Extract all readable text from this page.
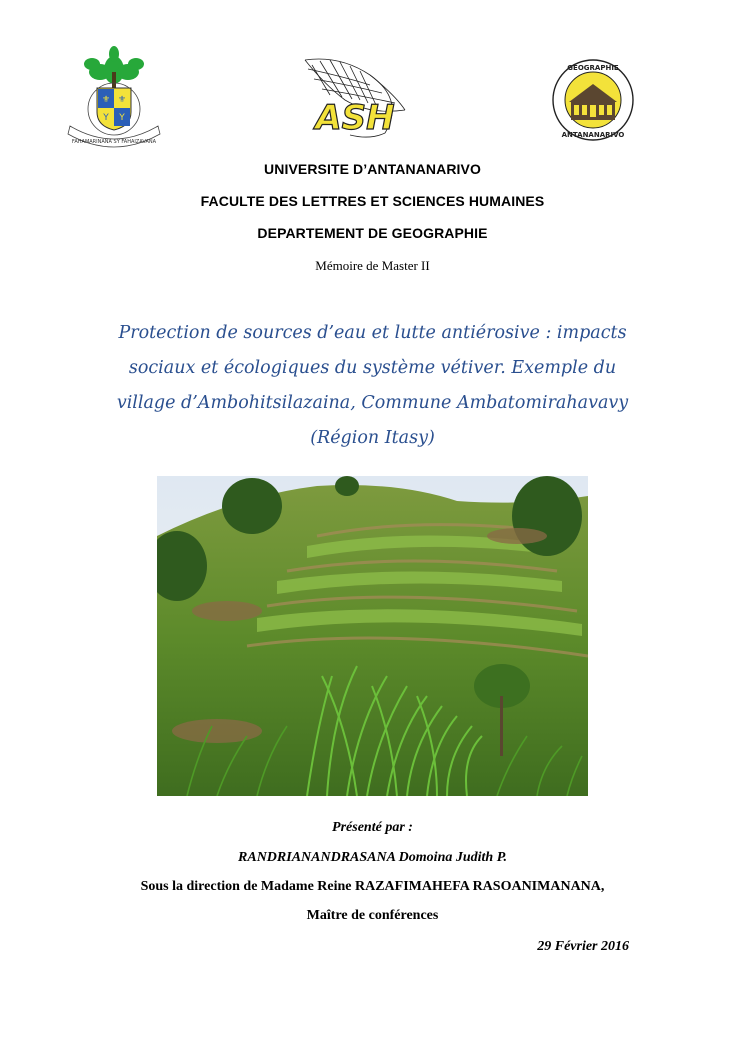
⚜ ⚜
Y Y
FAHAMARINANA SY FAHAIZAVANA
ASH
GEOGRAPHIE
ANTANANARIVO
UNIVERSITE D’ANTANANARIVO
FACULTE DES LETTRES ET SCIENCES HUMAINES
DEPARTEMENT DE GEOGRAPHIE
Mémoire de Master II
Protection de sources d’eau et lutte antiérosive : impacts
sociaux et écologiques du système vétiver. Exemple du
village d’Ambohitsilazaina, Commune Ambatomirahavavy
(Région Itasy)
Présenté par :
RANDRIANANDRASANA Domoina Judith P.
Sous la direction de Madame Reine RAZAFIMAHEFA RASOANIMANANA,
Maître de conférences
29 Février 2016
